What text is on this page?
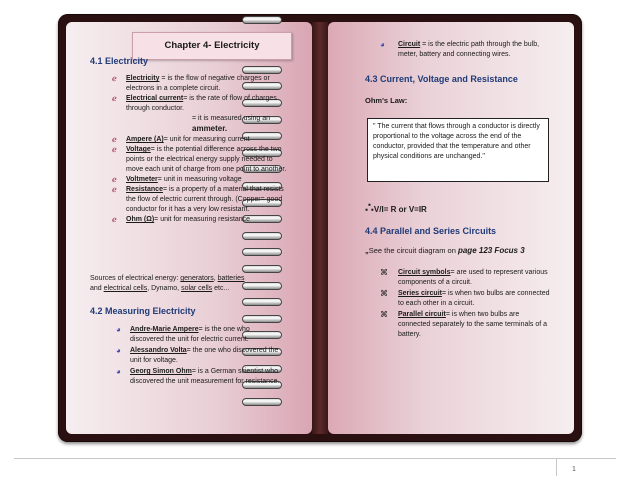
Chapter 4- Electricity
4.1 Electricity
ℯ Electricity = is the flow of negative charges or electrons in a complete circuit.
ℯ Electrical current= is the rate of flow of charges through conductor.
= it is measured using an
ammeter.
ℯ Ampere (A)= unit for measuring current
ℯ Voltage= is the potential difference across the two points or the electrical energy supply needed to move each unit of charge from one point to another.
ℯ Voltmeter= unit in measuring voltage
ℯ Resistance= is a property of a material that resists the flow of electric current through. (Copper= good conductor for it has a very low resistant.
ℯ Ohm (Ω)= unit for measuring resistance
Sources of electrical energy: generators, batteries
and electrical cells, Dynamo, solar cells etc...
4.2 Measuring Electricity
◕ Andre-Marie Ampere= is the one who discovered the unit for electric current.
◕ Alessandro Volta= the one who discovered the unit for voltage.
◕ Georg Simon Ohm= is a German scientist who discovered the unit measurement for resistance.
◕ Circuit = is the electric path through the bulb, meter, battery and connecting wires.
4.3 Current, Voltage and Resistance
Ohm's Law:
" The current that flows through a conductor is directly proportional to the voltage across the end of the conductor, provided that the temperature and other physical conditions are unchanged."
∴V/I= R or V=IR
4.4 Parallel and Series Circuits
„See the circuit diagram on page 123 Focus 3
⌘ Circuit symbols= are used to represent various components of a circuit.
⌘ Series circuit= is when two bulbs are connected to each other in a circuit.
⌘ Parallel circuit= is when two bulbs are connected separately to the same terminals of a battery.
1
